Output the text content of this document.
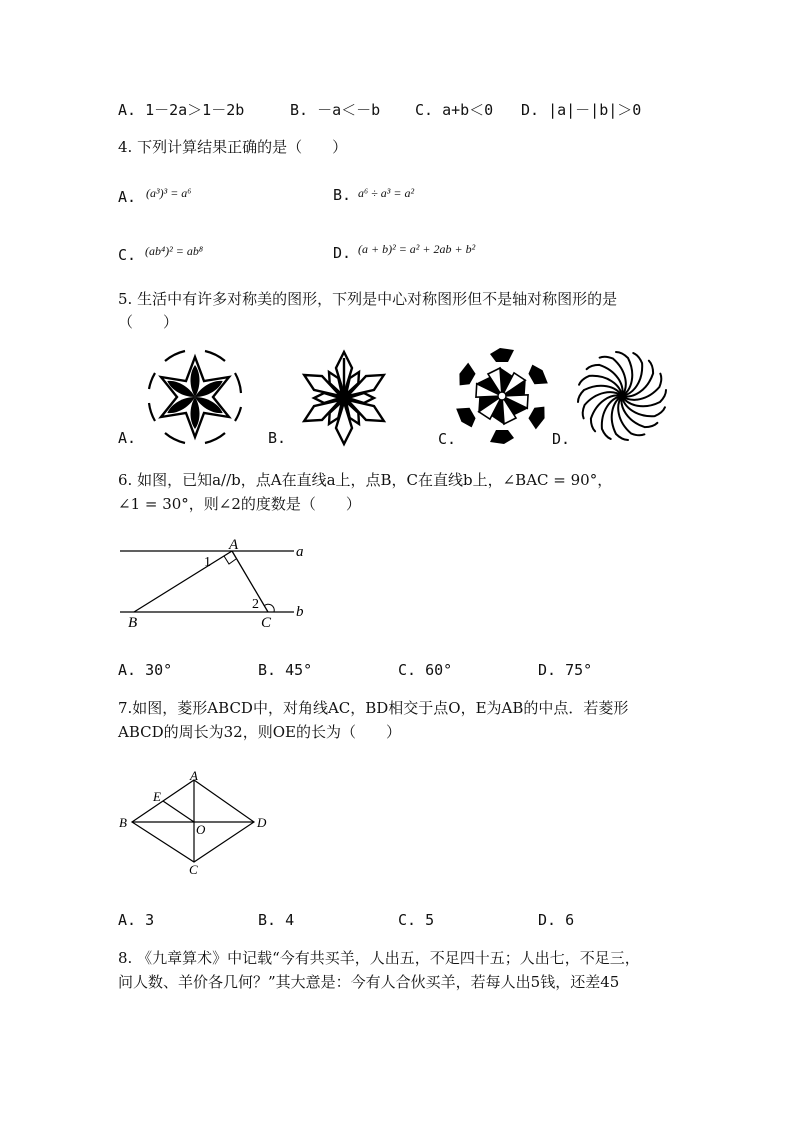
A. 1－2a＞1－2b	B. －a＜－b C. a+b＜0 D. |a|－|b|＞0
4. 下列计算结果正确的是（　　）
A. (a³)³ = a⁶	B. a⁶ ÷ a³ = a²
C. (ab⁴)² = ab⁸	D. (a + b)² = a² + 2ab + b²
5. 生活中有许多对称美的图形，下列是中心对称图形但不是轴对称图形的是
（　　）
A.	B.	C.	D.
6. 如图，已知a//b，点A在直线a上，点B，C在直线b上，∠BAC = 90°，
∠1 = 30°，则∠2的度数是（　　）
A	a
1
2 b
B	C
A. 30°	B. 45°	C. 60°	D. 75°
7.如图，菱形ABCD中，对角线AC，BD相交于点O，E为AB的中点．若菱形
ABCD的周长为32，则OE的长为（　　）
A
E
B	O	D
C
A. 3	B. 4	C. 5	D. 6
8. 《九章算术》中记载“今有共买羊，人出五，不足四十五；人出七，不足三，
问人数、羊价各几何？”其大意是：今有人合伙买羊，若每人出5钱，还差45
